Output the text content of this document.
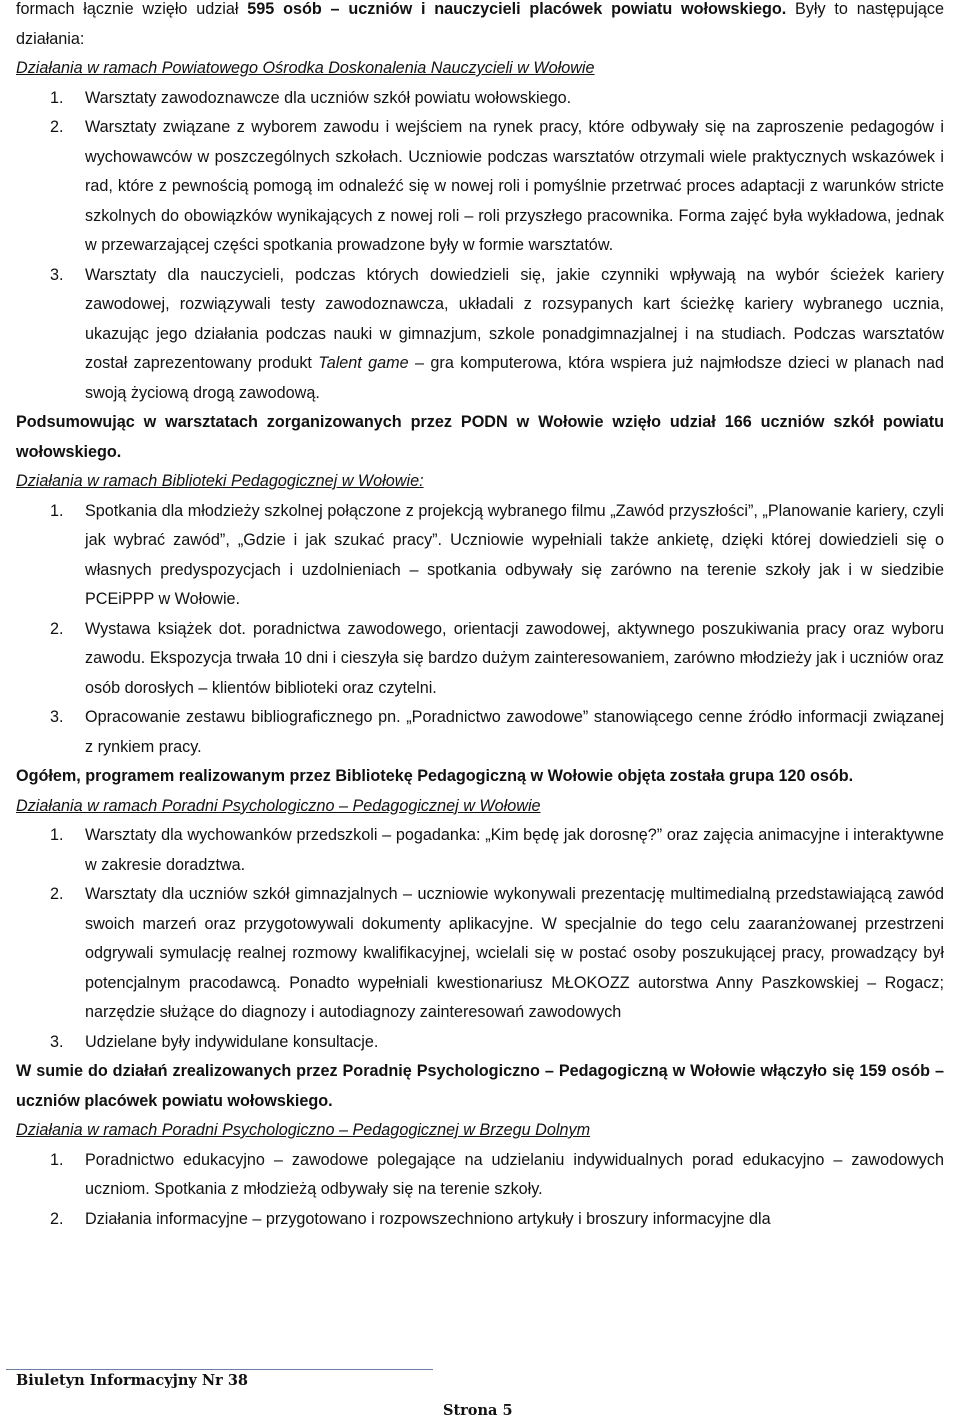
formach łącznie wzięło udział 595 osób – uczniów i nauczycieli placówek powiatu wołowskiego. Były to następujące działania:

Działania w ramach Powiatowego Ośrodka Doskonalenia Nauczycieli w Wołowie

1. Warsztaty zawodoznawcze dla uczniów szkół powiatu wołowskiego.
2. Warsztaty związane z wyborem zawodu i wejściem na rynek pracy, które odbywały się na zaproszenie pedagogów i wychowawców w poszczególnych szkołach. Uczniowie podczas warsztatów otrzymali wiele praktycznych wskazówek i rad, które z pewnością pomogą im odnaleźć się w nowej roli i pomyślnie przetrwać proces adaptacji z warunków stricte szkolnych do obowiązków wynikających z nowej roli – roli przyszłego pracownika. Forma zajęć była wykładowa, jednak w przewarzającej części spotkania prowadzone były w formie warsztatów.
3. Warsztaty dla nauczycieli, podczas których dowiedzieli się, jakie czynniki wpływają na wybór ścieżek kariery zawodowej, rozwiązywali testy zawodoznawcza, układali z rozsypanych kart ścieżkę kariery wybranego ucznia, ukazując jego działania podczas nauki w gimnazjum, szkole ponadgimnazjalnej i na studiach. Podczas warsztatów został zaprezentowany produkt Talent game – gra komputerowa, która wspiera już najmłodsze dzieci w planach nad swoją życiową drogą zawodową.

Podsumowując w warsztatach zorganizowanych przez PODN w Wołowie wzięło udział 166 uczniów szkół powiatu wołowskiego.

Działania w ramach Biblioteki Pedagogicznej w Wołowie:

1. Spotkania dla młodzieży szkolnej połączone z projekcją wybranego filmu „Zawód przyszłości”, „Planowanie kariery, czyli jak wybrać zawód”, „Gdzie i jak szukać pracy”. Uczniowie wypełniali także ankietę, dzięki której dowiedzieli się o własnych predyspozycjach i uzdolnieniach – spotkania odbywały się zarówno na terenie szkoły jak i w siedzibie PCEiPPP w Wołowie.
2. Wystawa książek dot. poradnictwa zawodowego, orientacji zawodowej, aktywnego poszukiwania pracy oraz wyboru zawodu. Ekspozycja trwała 10 dni i cieszyła się bardzo dużym zainteresowaniem, zarówno młodzieży jak i uczniów oraz osób dorosłych – klientów biblioteki oraz czytelni.
3. Opracowanie zestawu bibliograficznego pn. „Poradnictwo zawodowe” stanowiącego cenne źródło informacji związanej z rynkiem pracy.

Ogółem, programem realizowanym przez Bibliotekę Pedagogiczną w Wołowie objęta została grupa 120 osób.

Działania w ramach Poradni Psychologiczno – Pedagogicznej w Wołowie

1. Warsztaty dla wychowanków przedszkoli – pogadanka: „Kim będę jak dorosnę?” oraz zajęcia animacyjne i interaktywne w zakresie doradztwa.
2. Warsztaty dla uczniów szkół gimnazjalnych – uczniowie wykonywali prezentację multimedialną przedstawiającą zawód swoich marzeń oraz przygotowywali dokumenty aplikacyjne. W specjalnie do tego celu zaaranżowanej przestrzeni odgrywali symulację realnej rozmowy kwalifikacyjnej, wcielali się w postać osoby poszukującej pracy, prowadzący był potencjalnym pracodawcą. Ponadto wypełniali kwestionariusz MŁOKOZZ autorstwa Anny Paszkowskiej – Rogacz; narzędzie służące do diagnozy i autodiagnozy zainteresowań zawodowych
3. Udzielane były indywidulane konsultacje.

W sumie do działań zrealizowanych przez Poradnię Psychologiczno – Pedagogiczną w Wołowie włączyło się 159 osób – uczniów placówek powiatu wołowskiego.

Działania w ramach Poradni Psychologiczno – Pedagogicznej w Brzegu Dolnym

1. Poradnictwo edukacyjno – zawodowe polegające na udzielaniu indywidualnych porad edukacyjno – zawodowych uczniom. Spotkania z młodzieżą odbywały się na terenie szkoły.
2. Działania informacyjne – przygotowano i rozpowszechniono artykuły i broszury informacyjne dla
Biuletyn Informacyjny Nr 38
Strona 5
